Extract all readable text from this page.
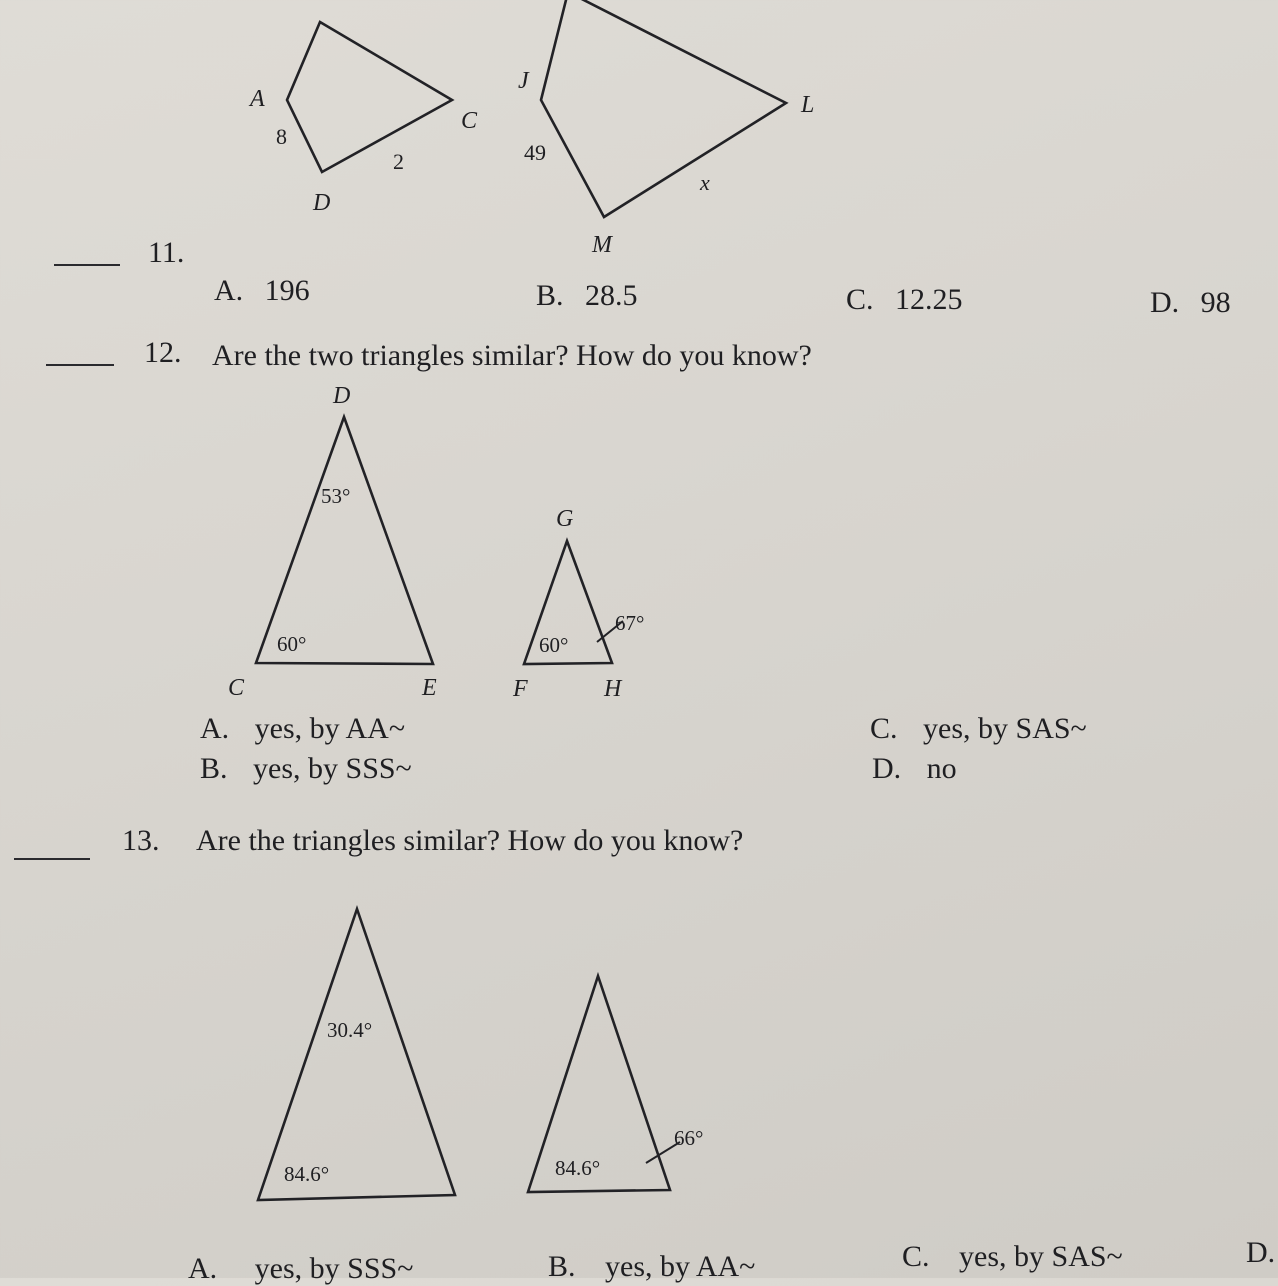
A
C
D
8
2
J
L
M
49
x
11.
A. 196	B. 28.5	C. 12.25	D. 98
12. Are the two triangles similar? How do you know?
D
C	E
53°
60°
G
F	H
60°
67°
A. yes, by AA~
B. yes, by SSS~
C. yes, by SAS~
D. no
13. Are the triangles similar? How do you know?
30.4°
84.6°	84.6°
66°
A. yes, by SSS~	B. yes, by AA~	C. yes, by SAS~	D.
